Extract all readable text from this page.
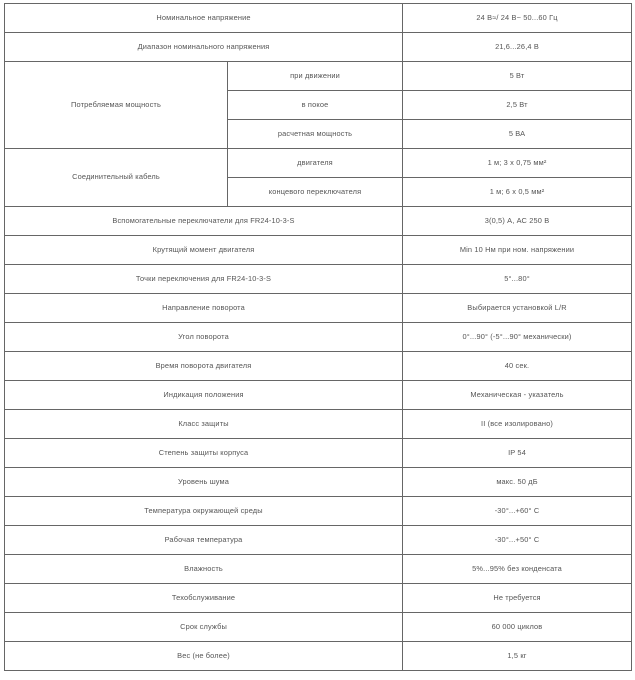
Номинальное напряжение		24 В≈/ 24 В~ 50...60 Гц
Диапазон номинального напряжения		21,6...26,4 В
Потребляемая мощность	при движении	5 Вт
	в покое	2,5 Вт
	расчетная мощность	5 ВА
Соединительный кабель	двигателя	1 м; 3 х 0,75 мм²
	концевого переключателя	1 м; 6 х 0,5 мм²
Вспомогательные переключатели для FR24-10-3-S		3(0,5) А, АС 250 В
Крутящий момент двигателя		Min 10 Нм при ном. напряжении
Точки переключения для FR24-10-3-S		5°...80°
Направление поворота		Выбирается установкой L/R
Угол поворота		0°...90° (-5°...90° механически)
Время поворота двигателя		40 сек.
Индикация положения		Механическая - указатель
Класс защиты		II (все изолировано)
Степень защиты корпуса		IP 54
Уровень шума		макс. 50 дБ
Температура окружающей среды		-30°...+60° С
Рабочая температура		-30°...+50° С
Влажность		5%...95% без конденсата
Техобслуживание		Не требуется
Срок службы		60 000 циклов
Вес (не более)		1,5 кг
